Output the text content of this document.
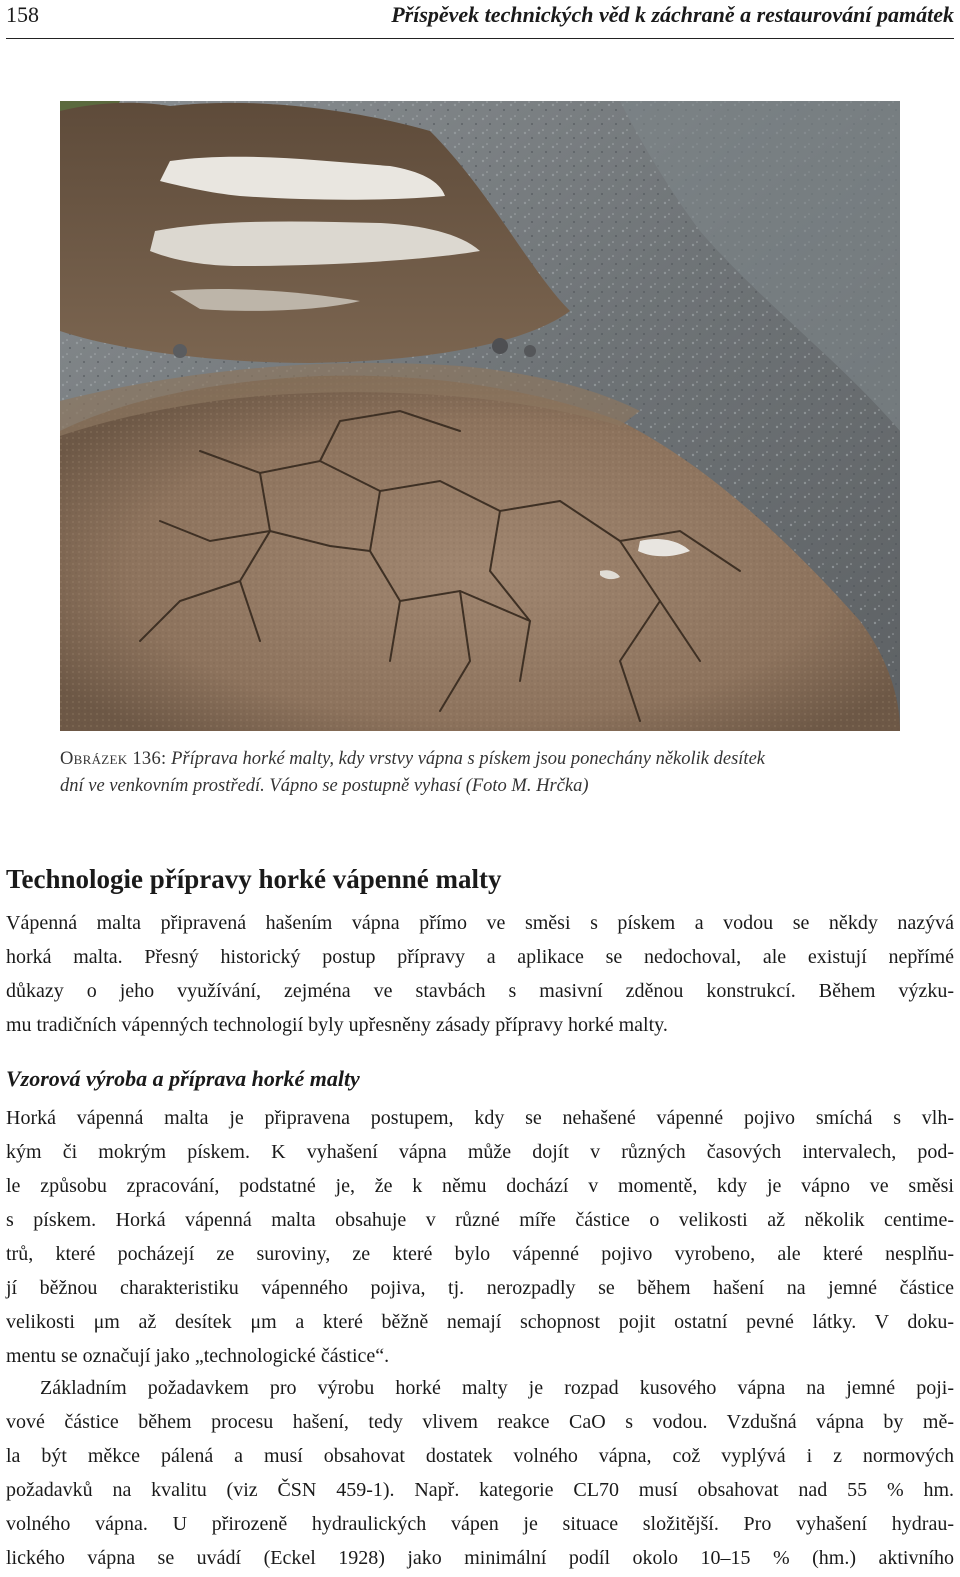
158	Příspěvek technických věd k záchraně a restaurování památek
Obrázek 136: Příprava horké malty, kdy vrstvy vápna s pískem jsou ponechány několik desítek
dní ve venkovním prostředí. Vápno se postupně vyhasí (Foto M. Hrčka)
Technologie přípravy horké vápenné malty

Vápenná malta připravená hašením vápna přímo ve směsi s pískem a vodou se někdy nazývá
horká malta. Přesný historický postup přípravy a aplikace se nedochoval, ale existují nepřímé
důkazy o jeho využívání, zejména ve stavbách s masivní zděnou konstrukcí. Během výzku-
mu tradičních vápenných technologií byly upřesněny zásady přípravy horké malty.

Vzorová výroba a příprava horké malty

Horká vápenná malta je připravena postupem, kdy se nehašené vápenné pojivo smíchá s vlh-
kým či mokrým pískem. K vyhašení vápna může dojít v různých časových intervalech, pod-
le způsobu zpracování, podstatné je, že k němu dochází v momentě, kdy je vápno ve směsi
s pískem. Horká vápenná malta obsahuje v různé míře částice o velikosti až několik centime-
trů, které pocházejí ze suroviny, ze které bylo vápenné pojivo vyrobeno, ale které nesplňu-
jí běžnou charakteristiku vápenného pojiva, tj. nerozpadly se během hašení na jemné částice
velikosti μm až desítek μm a které běžně nemají schopnost pojit ostatní pevné látky. V doku-
mentu se označují jako „technologické částice“.

Základním požadavkem pro výrobu horké malty je rozpad kusového vápna na jemné poji-
vové částice během procesu hašení, tedy vlivem reakce CaO s vodou. Vzdušná vápna by mě-
la být měkce pálená a musí obsahovat dostatek volného vápna, což vyplývá i z normových
požadavků na kvalitu (viz ČSN 459-1). Např. kategorie CL70 musí obsahovat nad 55 % hm.
volného vápna. U přirozeně hydraulických vápen je situace složitější. Pro vyhašení hydrau-
lického vápna se uvádí (Eckel 1928) jako minimální podíl okolo 10–15 % (hm.) aktivního
